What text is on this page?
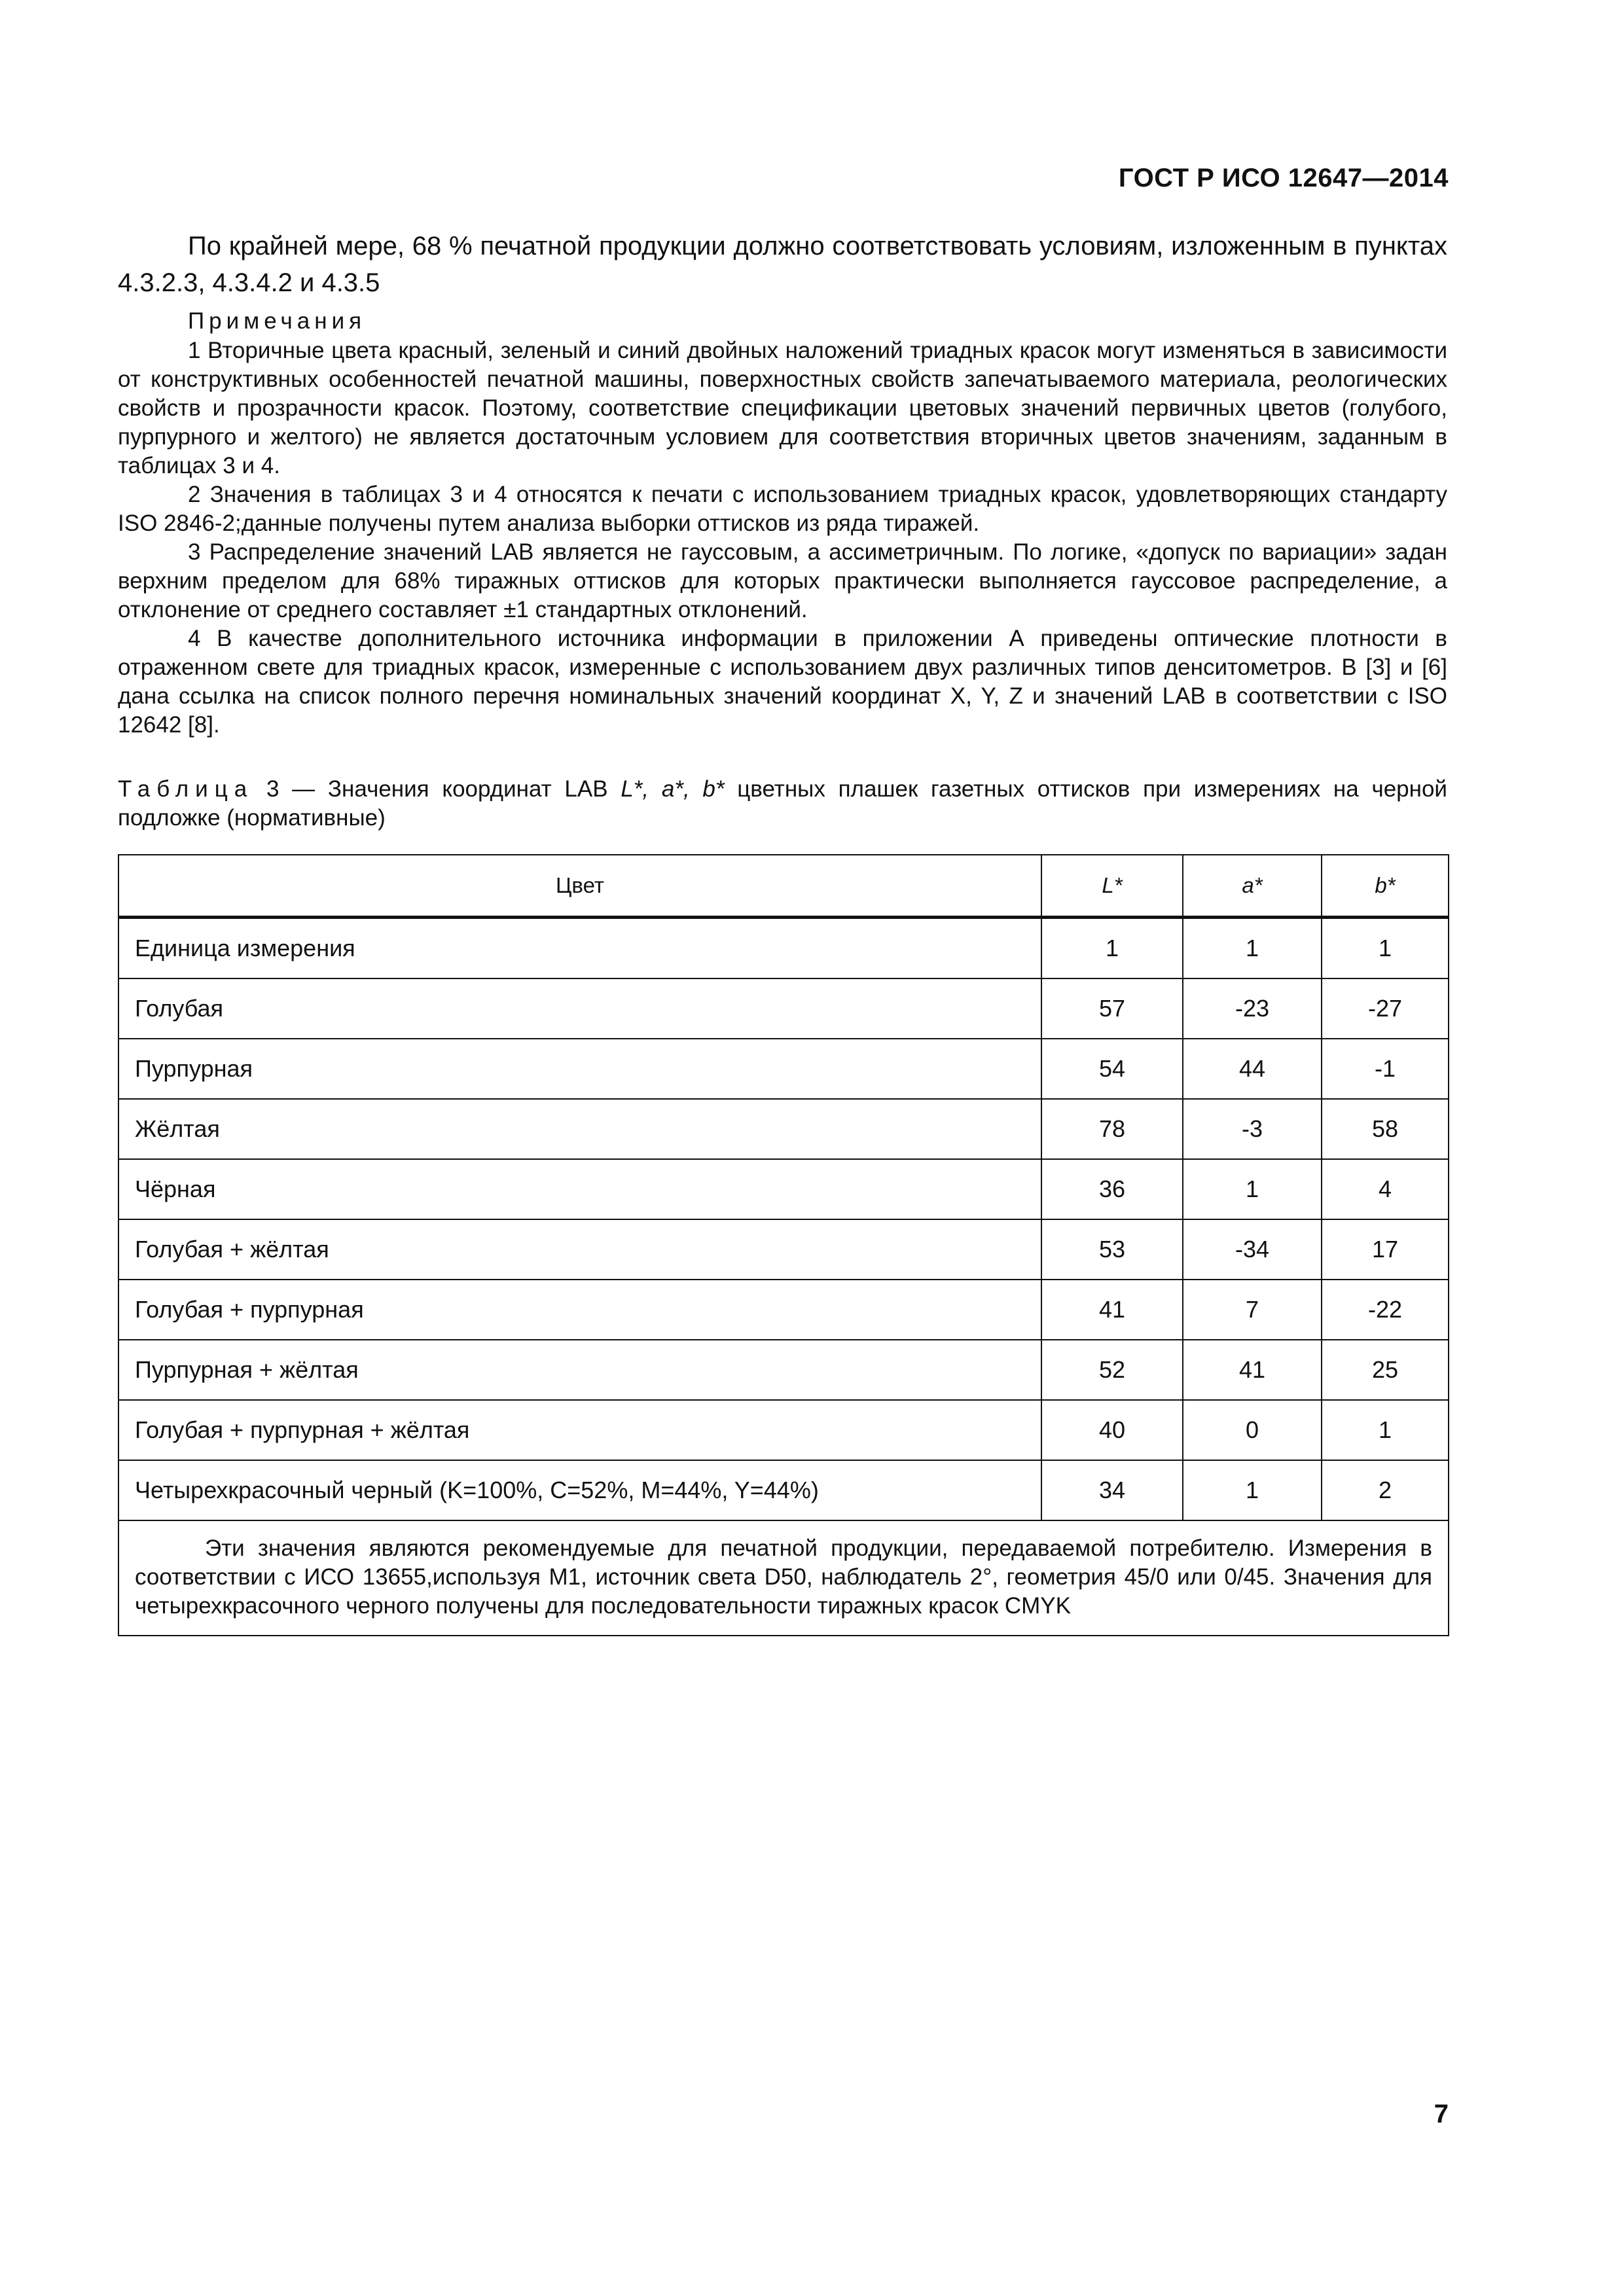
ГОСТ Р ИСО 12647—2014

По крайней мере, 68 % печатной продукции должно соответствовать условиям, изложенным в пунктах 4.3.2.3, 4.3.4.2 и 4.3.5

Примечания

1 Вторичные цвета красный, зеленый и синий двойных наложений триадных красок могут изменяться в зависимости от конструктивных особенностей печатной машины, поверхностных свойств запечатываемого материала, реологических свойств и прозрачности красок. Поэтому, соответствие спецификации цветовых значений первичных цветов (голубого, пурпурного и желтого) не является достаточным условием для соответствия вторичных цветов значениям, заданным в таблицах 3 и 4.

2 Значения в таблицах 3 и 4 относятся к печати с использованием триадных красок, удовлетворяющих стандарту ISO 2846-2;данные получены путем анализа выборки оттисков из ряда тиражей.

3 Распределение значений LAB является не гауссовым, а ассиметричным. По логике, «допуск по вариации» задан верхним пределом для 68% тиражных оттисков для которых практически выполняется гауссовое распределение, а отклонение от среднего составляет ±1 стандартных отклонений.

4 В качестве дополнительного источника информации в приложении А приведены оптические плотности в отраженном свете для триадных красок, измеренные с использованием двух различных типов денситометров. В [3] и [6] дана ссылка на список полного перечня номинальных значений координат X, Y, Z и значений LAB в соответствии с ISO 12642 [8].

Таблица 3 — Значения координат LAB L*, a*, b* цветных плашек газетных оттисков при измерениях на черной подложке (нормативные)

Цвет	L*	a*	b*
Единица измерения	1	1	1
Голубая	57	-23	-27
Пурпурная	54	44	-1
Жёлтая	78	-3	58
Чёрная	36	1	4
Голубая + жёлтая	53	-34	17
Голубая + пурпурная	41	7	-22
Пурпурная + жёлтая	52	41	25
Голубая + пурпурная + жёлтая	40	0	1
Четырехкрасочный черный (K=100%, C=52%, M=44%, Y=44%)	34	1	2

Эти значения являются рекомендуемые для печатной продукции, передаваемой потребителю. Измерения в соответствии с ИСО 13655,используя M1, источник света D50, наблюдатель 2°, геометрия 45/0 или 0/45. Значения для четырехкрасочного черного получены для последовательности тиражных красок CMYK			
7
